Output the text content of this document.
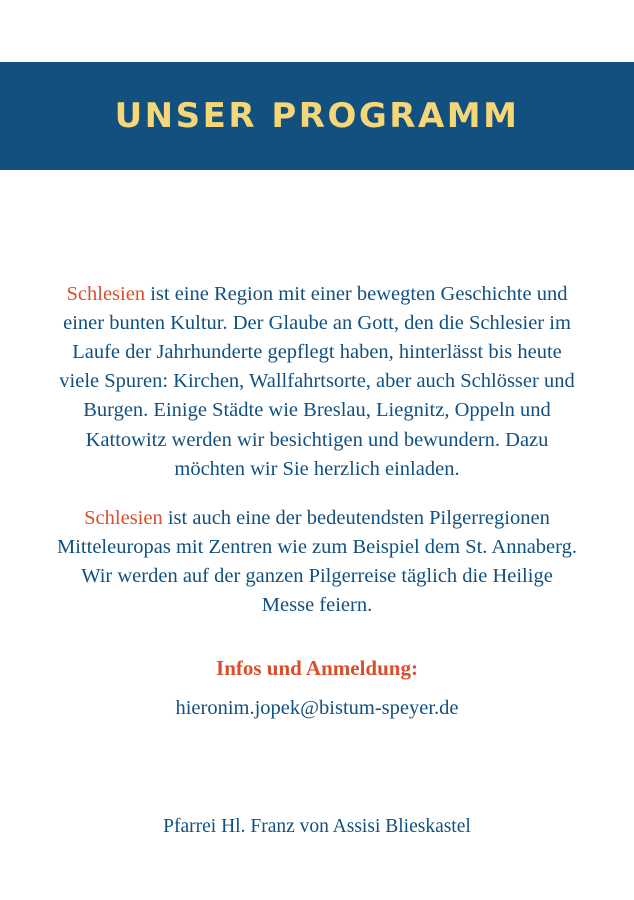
UNSER PROGRAMM

Schlesien ist eine Region mit einer bewegten Geschichte und einer bunten Kultur. Der Glaube an Gott, den die Schlesier im Laufe der Jahrhunderte gepflegt haben, hinterlässt bis heute viele Spuren: Kirchen, Wallfahrtsorte, aber auch Schlösser und Burgen. Einige Städte wie Breslau, Liegnitz, Oppeln und Kattowitz werden wir besichtigen und bewundern. Dazu möchten wir Sie herzlich einladen.

Schlesien ist auch eine der bedeutendsten Pilgerregionen Mitteleuropas mit Zentren wie zum Beispiel dem St. Annaberg. Wir werden auf der ganzen Pilgerreise täglich die Heilige Messe feiern.

Infos und Anmeldung:

hieronim.jopek@bistum-speyer.de

Pfarrei Hl. Franz von Assisi Blieskastel
